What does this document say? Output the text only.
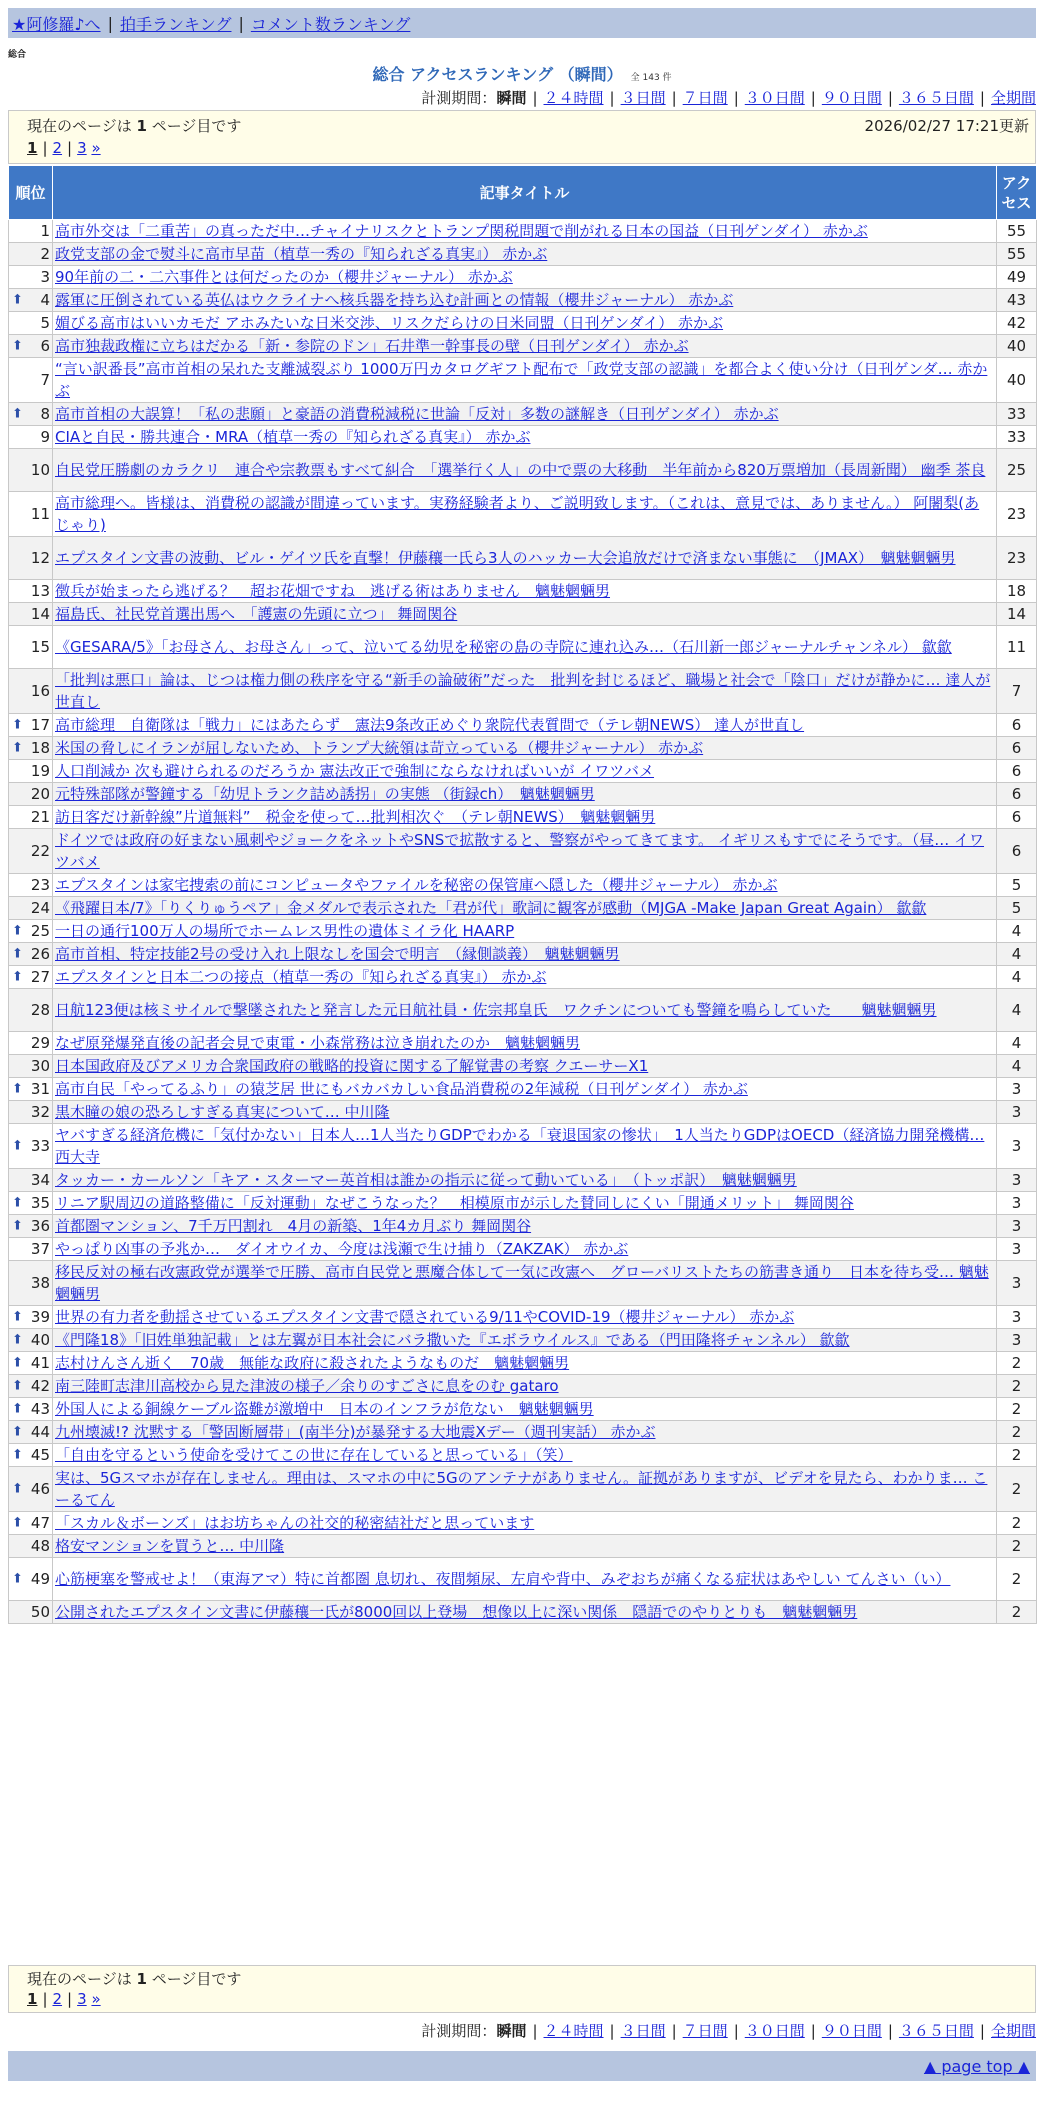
★阿修羅♪へ | 拍手ランキング | コメント数ランキング
総合
総合 アクセスランキング （瞬間） 全 143 件
計測期間：瞬間 | ２４時間 | ３日間 | ７日間 | ３０日間 | ９０日間 | ３６５日間 | 全期間
現在のページは 1 ページ目です	2026/02/27 17:21更新
1 | 2 | 3 »
順位	記事タイトル	アクセス
1	高市外交は「二重苦」の真っただ中…チャイナリスクとトランプ関税問題で削がれる日本の国益（日刊ゲンダイ） 赤かぶ	55
2	政党支部の金で熨斗に高市早苗（植草一秀の『知られざる真実』） 赤かぶ	55
3	90年前の二・二六事件とは何だったのか（櫻井ジャーナル） 赤かぶ	49

⬆ 4	露軍に圧倒されている英仏はウクライナへ核兵器を持ち込む計画との情報（櫻井ジャーナル） 赤かぶ	43
5	媚びる高市はいいカモだ アホみたいな日米交渉、リスクだらけの日米同盟（日刊ゲンダイ） 赤かぶ	42

⬆ 6	高市独裁政権に立ちはだかる「新・参院のドン」石井準一幹事長の壁（日刊ゲンダイ） 赤かぶ	40
7	“言い訳番長”高市首相の呆れた支離滅裂ぶり 1000万円カタログギフト配布で「政党支部の認識」を都合よく使い分け（日刊ゲンダ… 赤かぶ	40

⬆ 8	高市首相の大誤算！「私の悲願」と豪語の消費税減税に世論「反対」多数の謎解き（日刊ゲンダイ） 赤かぶ	33
9	CIAと自民・勝共連合・MRA（植草一秀の『知られざる真実』） 赤かぶ	33
10	自民党圧勝劇のカラクリ　連合や宗教票もすべて糾合　「選挙行く人」の中で票の大移動　半年前から820万票増加（長周新聞） 幽季 茶良	25
11	高市総理へ。皆様は、消費税の認識が間違っています。実務経験者より、ご説明致します。（これは、意見では、ありません。） 阿闍梨(あじゃり)	23
12	エプスタイン文書の波動、ビル・ゲイツ氏を直撃！伊藤穰一氏ら3人のハッカー大会追放だけで済まない事態に　（JMAX）　魑魅魍魎男	23
13	徴兵が始まったら逃げる？　超お花畑ですね　逃げる術はありません　魑魅魍魎男	18
14	福島氏、社民党首選出馬へ　「護憲の先頭に立つ」 舞岡関谷	14
15	《GESARA/5》「お母さん、お母さん」って、泣いてる幼児を秘密の島の寺院に連れ込み…（石川新一郎ジャーナルチャンネル） 歙歙	11
16	「批判は悪口」論は、じつは権力側の秩序を守る“新手の論破術”だった　批判を封じるほど、職場と社会で「陰口」だけが静かに… 達人が世直し	7

⬆ 17	高市総理　自衛隊は「戦力」にはあたらず　憲法9条改正めぐり衆院代表質問で（テレ朝NEWS） 達人が世直し	6

⬆ 18	米国の脅しにイランが屈しないため、トランプ大統領は苛立っている（櫻井ジャーナル） 赤かぶ	6
19	人口削減か 次も避けられるのだろうか 憲法改正で強制にならなければいいが イワツバメ	6
20	元特殊部隊が警鐘する「幼児トランク詰め誘拐」の実態 （街録ch）　魑魅魍魎男	6
21	訪日客だけ新幹線”片道無料”　税金を使って…批判相次ぐ　（テレ朝NEWS）　魑魅魍魎男	6
22	ドイツでは政府の好まない風刺やジョークをネットやSNSで拡散すると、警察がやってきてます。 イギリスもすでにそうです。（昼… イワツバメ	6
23	エプスタインは家宅捜索の前にコンピュータやファイルを秘密の保管庫へ隠した（櫻井ジャーナル） 赤かぶ	5
24	《飛躍日本/7》「りくりゅうペア」金メダルで表示された「君が代」歌詞に観客が感動（MJGA -Make Japan Great Again） 歙歙	5

⬆ 25	一日の通行100万人の場所でホームレス男性の遺体ミイラ化 HAARP	4

⬆ 26	高市首相、特定技能2号の受け入れ上限なしを国会で明言　（縁側談義）　魑魅魍魎男	4

⬆ 27	エプスタインと日本二つの接点（植草一秀の『知られざる真実』） 赤かぶ	4
28	日航123便は核ミサイルで撃墜されたと発言した元日航社員・佐宗邦皇氏　ワクチンについても警鐘を鳴らしていた　　魑魅魍魎男	4
29	なぜ原発爆発直後の記者会見で東電・小森常務は泣き崩れたのか　魑魅魍魎男	4
30	日本国政府及びアメリカ合衆国政府の戦略的投資に関する了解覚書の考察 クエーサーX1	4

⬆ 31	高市自民「やってるふり」の猿芝居 世にもバカバカしい食品消費税の2年減税（日刊ゲンダイ） 赤かぶ	3
32	黒木瞳の娘の恐ろしすぎる真実について… 中川隆	3

⬆ 33	ヤバすぎる経済危機に「気付かない」日本人…1人当たりGDPでわかる「衰退国家の惨状」　1人当たりGDPはOECD（経済協力開発機構… 西大寺	3
34	タッカー・カールソン「キア・スターマー英首相は誰かの指示に従って動いている」　（トッポ訳）　魑魅魍魎男	3

⬆ 35	リニア駅周辺の道路整備に「反対運動」なぜこうなった？　相模原市が示した賛同しにくい「開通メリット」 舞岡関谷	3

⬆ 36	首都圏マンション、7千万円割れ　4月の新築、1年4カ月ぶり 舞岡関谷	3
37	やっぱり凶事の予兆か…　ダイオウイカ、今度は浅瀬で生け捕り（ZAKZAK） 赤かぶ	3
38	移民反対の極右改憲政党が選挙で圧勝、高市自民党と悪魔合体して一気に改憲へ　グローバリストたちの筋書き通り　日本を待ち受… 魑魅魍魎男	3

⬆ 39	世界の有力者を動揺させているエプスタイン文書で隠されている9/11やCOVID-19（櫻井ジャーナル） 赤かぶ	3

⬆ 40	《門隆18》「旧姓単独記載」とは左翼が日本社会にバラ撒いた『エボラウイルス』である（門田隆将チャンネル） 歙歙	3

⬆ 41	志村けんさん逝く　70歳　無能な政府に殺されたようなものだ　魑魅魍魎男	2

⬆ 42	南三陸町志津川高校から見た津波の様子／余りのすごさに息をのむ gataro	2

⬆ 43	外国人による銅線ケーブル盗難が激増中　日本のインフラが危ない　魑魅魍魎男	2

⬆ 44	九州壊滅!? 沈黙する「警固断層帯」(南半分)が暴発する大地震Xデー（週刊実話） 赤かぶ	2

⬆ 45	「自由を守るという使命を受けてこの世に存在していると思っている」（笑）	2

⬆ 46	実は、5Gスマホが存在しません。理由は、スマホの中に5Gのアンテナがありません。証拠がありますが、ビデオを見たら、わかりま… こーるてん	2

⬆ 47	「スカル＆ボーンズ」はお坊ちゃんの社交的秘密結社だと思っています	2
48	格安マンションを買うと… 中川隆	2

⬆ 49	心筋梗塞を警戒せよ！（東海アマ）特に首都圏 息切れ、夜間頻尿、左肩や背中、みぞおちが痛くなる症状はあやしい てんさい（い）	2
50	公開されたエプスタイン文書に伊藤穰一氏が8000回以上登場　想像以上に深い関係　隠語でのやりとりも　魑魅魍魎男	2
現在のページは 1 ページ目です
1 | 2 | 3 »
計測期間：瞬間 | ２４時間 | ３日間 | ７日間 | ３０日間 | ９０日間 | ３６５日間 | 全期間
▲ page top ▲
